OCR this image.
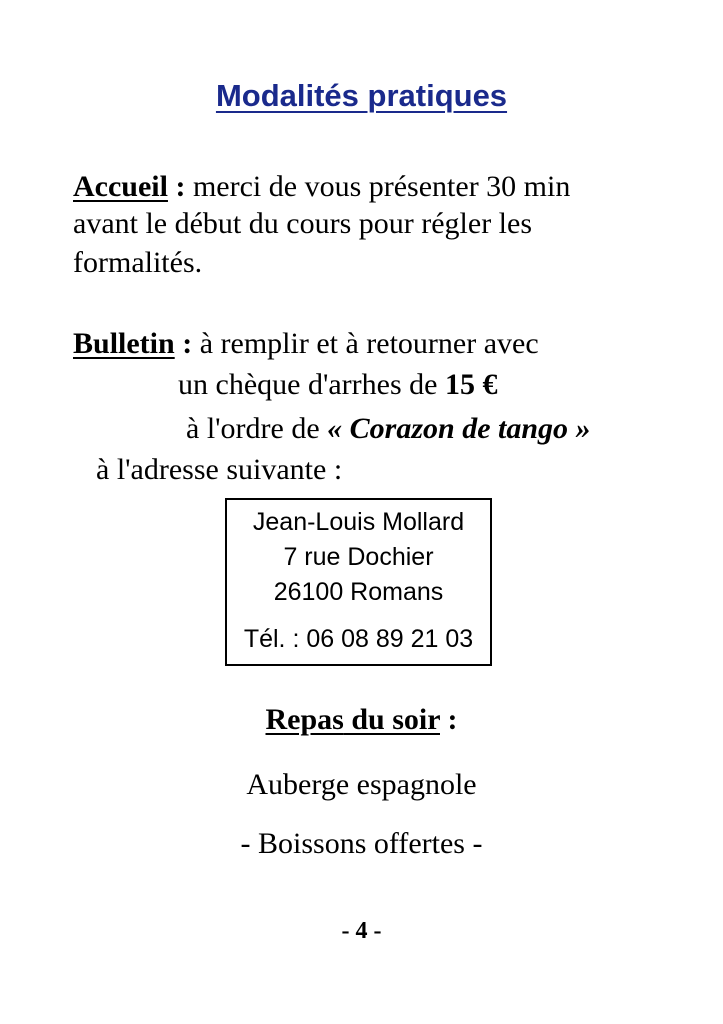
Modalités pratiques
Accueil : merci de vous présenter 30 min
avant le début du cours pour régler les
formalités.
Bulletin : à remplir et à retourner avec
un chèque d'arrhes de 15 €
à l'ordre de « Corazon de tango »
à l'adresse suivante :
Jean-Louis Mollard
7 rue Dochier
26100 Romans
Tél. : 06 08 89 21 03
Repas du soir :
Auberge espagnole
- Boissons offertes -
- 4 -
